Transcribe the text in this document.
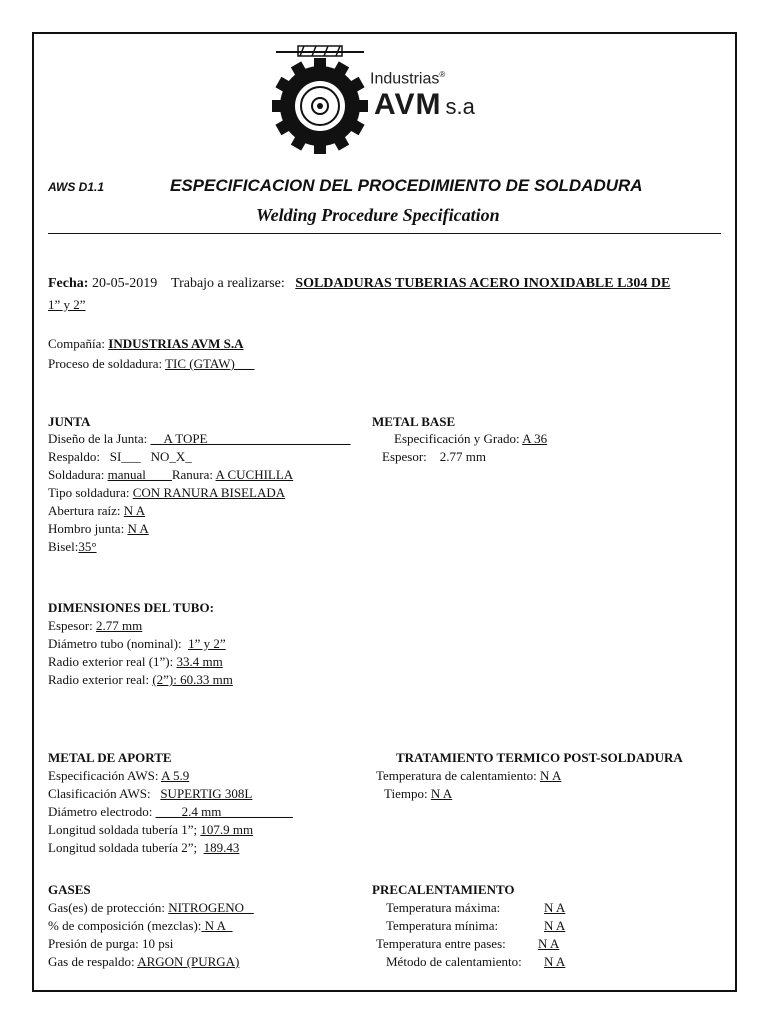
Industrias®
AVM s.a
AWS D1.1	ESPECIFICACION DEL PROCEDIMIENTO DE SOLDADURA
Welding Procedure Specification
Fecha: 20-05-2019 Trabajo a realizarse: SOLDADURAS TUBERIAS ACERO INOXIDABLE L304 DE
1” y 2”
Compañía: INDUSTRIAS AVM S.A
Proceso de soldadura: TIC (GTAW)___
JUNTA
Diseño de la Junta: __A TOPE______________________
Respaldo: SI___ NO_X_
Soldadura: manual____Ranura: A CUCHILLA
Tipo soldadura: CON RANURA BISELADA
Abertura raíz: N A
Hombro junta: N A
Bisel:35°
METAL BASE
Especificación y Grado: A 36
Espesor: 2.77 mm
DIMENSIONES DEL TUBO:
Espesor: 2.77 mm
Diámetro tubo (nominal): 1” y 2”
Radio exterior real (1”): 33.4 mm
Radio exterior real: (2”): 60.33 mm
METAL DE APORTE
Especificación AWS: A 5.9
Clasificación AWS: SUPERTIG 308L
Diámetro electrodo: ____2.4 mm___________
Longitud soldada tubería 1”; 107.9 mm
Longitud soldada tubería 2”; 189.43
TRATAMIENTO TERMICO POST-SOLDADURA
Temperatura de calentamiento: N A
Tiempo: N A
GASES
Gas(es) de protección: NITROGENO
% de composición (mezclas): N A
Presión de purga: 10 psi
Gas de respaldo: ARGON (PURGA)
PRECALENTAMIENTO
Temperatura máxima:	N A
Temperatura mínima:	N A
Temperatura entre pases: N A
Método de calentamiento: N A
